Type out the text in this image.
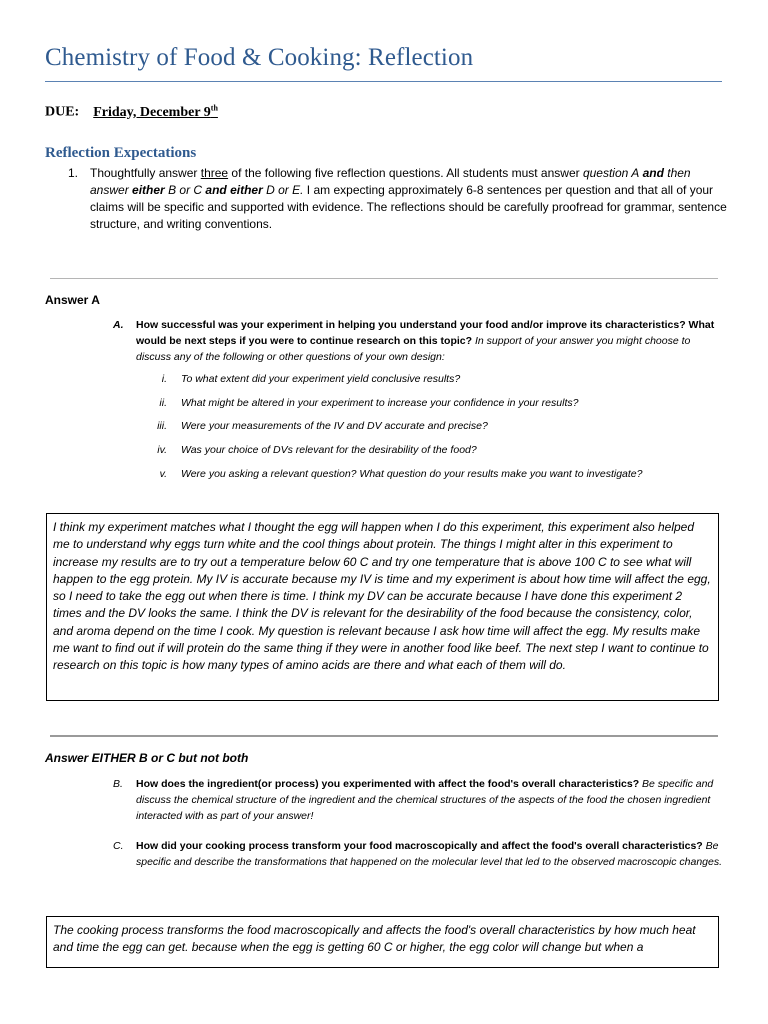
Chemistry of Food & Cooking: Reflection
DUE: Friday, December 9th
Reflection Expectations
1. Thoughtfully answer three of the following five reflection questions. All students must answer question A and then answer either B or C and either D or E. I am expecting approximately 6-8 sentences per question and that all of your claims will be specific and supported with evidence. The reflections should be carefully proofread for grammar, sentence structure, and writing conventions.
Answer A
A. How successful was your experiment in helping you understand your food and/or improve its characteristics? What would be next steps if you were to continue research on this topic? In support of your answer you might choose to discuss any of the following or other questions of your own design:
i. To what extent did your experiment yield conclusive results?
ii. What might be altered in your experiment to increase your confidence in your results?
iii. Were your measurements of the IV and DV accurate and precise?
iv. Was your choice of DVs relevant for the desirability of the food?
v. Were you asking a relevant question? What question do your results make you want to investigate?
I think my experiment matches what I thought the egg will happen when I do this experiment, this experiment also helped me to understand why eggs turn white and the cool things about protein. The things I might alter in this experiment to increase my results are to try out a temperature below 60 C and try one temperature that is above 100 C to see what will happen to the egg protein. My IV is accurate because my IV is time and my experiment is about how time will affect the egg, so I need to take the egg out when there is time. I think my DV can be accurate because I have done this experiment 2 times and the DV looks the same. I think the DV is relevant for the desirability of the food because the consistency, color, and aroma depend on the time I cook. My question is relevant because I ask how time will affect the egg. My results make me want to find out if will protein do the same thing if they were in another food like beef. The next step I want to continue to research on this topic is how many types of amino acids are there and what each of them will do.
Answer EITHER B or C but not both
B. How does the ingredient(or process) you experimented with affect the food's overall characteristics? Be specific and discuss the chemical structure of the ingredient and the chemical structures of the aspects of the food the chosen ingredient interacted with as part of your answer!
C. How did your cooking process transform your food macroscopically and affect the food's overall characteristics? Be specific and describe the transformations that happened on the molecular level that led to the observed macroscopic changes.
The cooking process transforms the food macroscopically and affects the food's overall characteristics by how much heat and time the egg can get. because when the egg is getting 60 C or higher, the egg color will change but when a
